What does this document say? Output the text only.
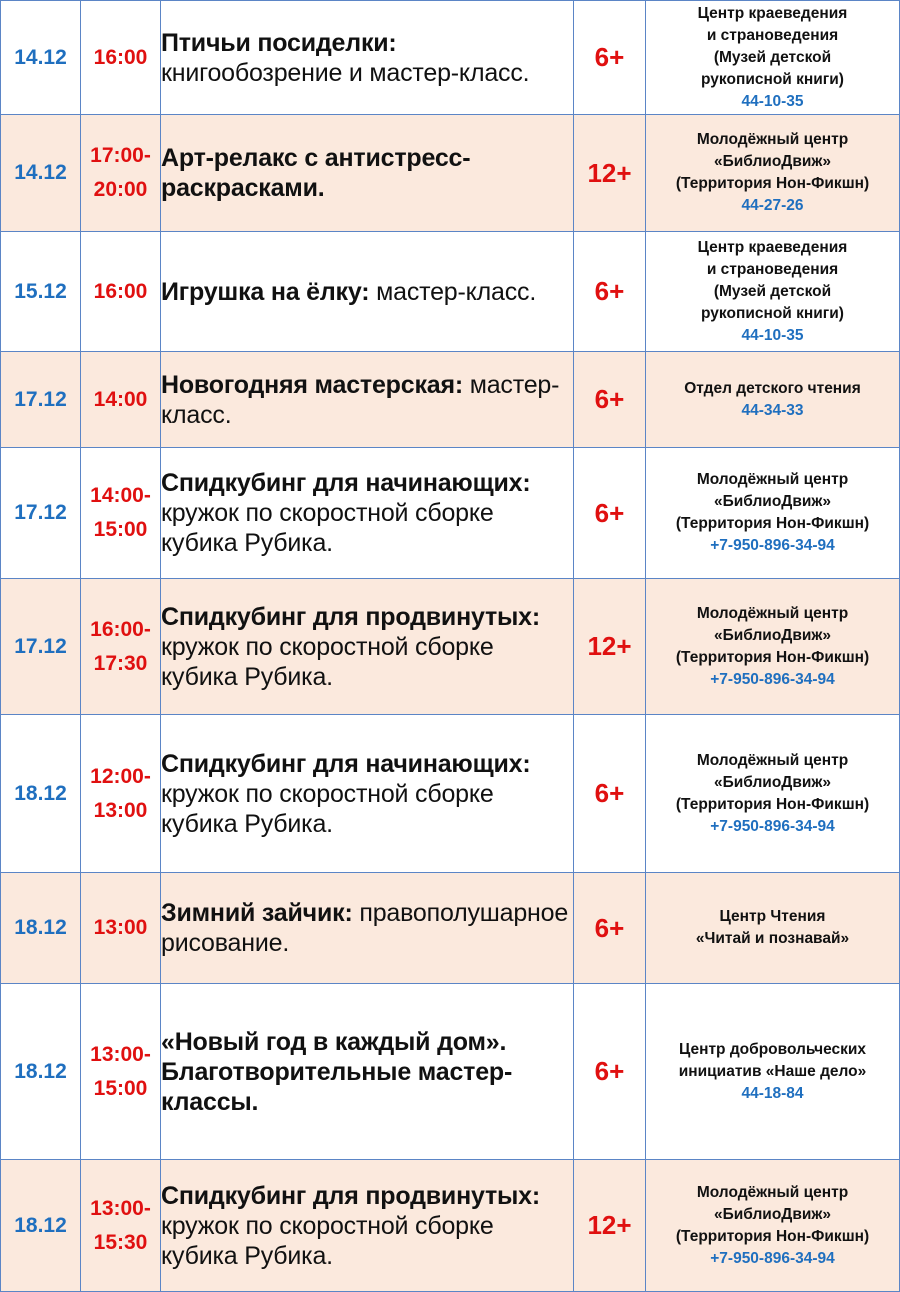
14.12	16:00	Птичьи посиделки: книгообозрение и мастер-класс.	6+	Центр краеведения
и страноведения
(Музей детской
рукописной книги)
44-10-35

14.12	17:00-
20:00	Арт-релакс с антистресс-раскрасками.	12+	Молодёжный центр
«БиблиоДвиж»
(Территория Нон-Фикшн)
44-27-26

15.12	16:00	Игрушка на ёлку: мастер-класс.	6+	Центр краеведения
и страноведения
(Музей детской
рукописной книги)
44-10-35

17.12	14:00	Новогодняя мастерская: мастер-класс.	6+	Отдел детского чтения
44-34-33

17.12	14:00-
15:00	Спидкубинг для начинающих: кружок по скоростной сборке кубика Рубика.	6+	Молодёжный центр
«БиблиоДвиж»
(Территория Нон-Фикшн)
+7-950-896-34-94

17.12	16:00-
17:30	Спидкубинг для продвинутых: кружок по скоростной сборке кубика Рубика.	12+	Молодёжный центр
«БиблиоДвиж»
(Территория Нон-Фикшн)
+7-950-896-34-94

18.12	12:00-
13:00	Спидкубинг для начинающих: кружок по скоростной сборке кубика Рубика.	6+	Молодёжный центр
«БиблиоДвиж»
(Территория Нон-Фикшн)
+7-950-896-34-94

18.12	13:00	Зимний зайчик: правополушарное рисование.	6+	Центр Чтения
«Читай и познавай»

18.12	13:00-
15:00	«Новый год в каждый дом». Благотворительные мастер-классы.	6+	Центр добровольческих
инициатив «Наше дело»
44-18-84

18.12	13:00-
15:30	Спидкубинг для продвинутых: кружок по скоростной сборке кубика Рубика.	12+	Молодёжный центр
«БиблиоДвиж»
(Территория Нон-Фикшн)
+7-950-896-34-94
